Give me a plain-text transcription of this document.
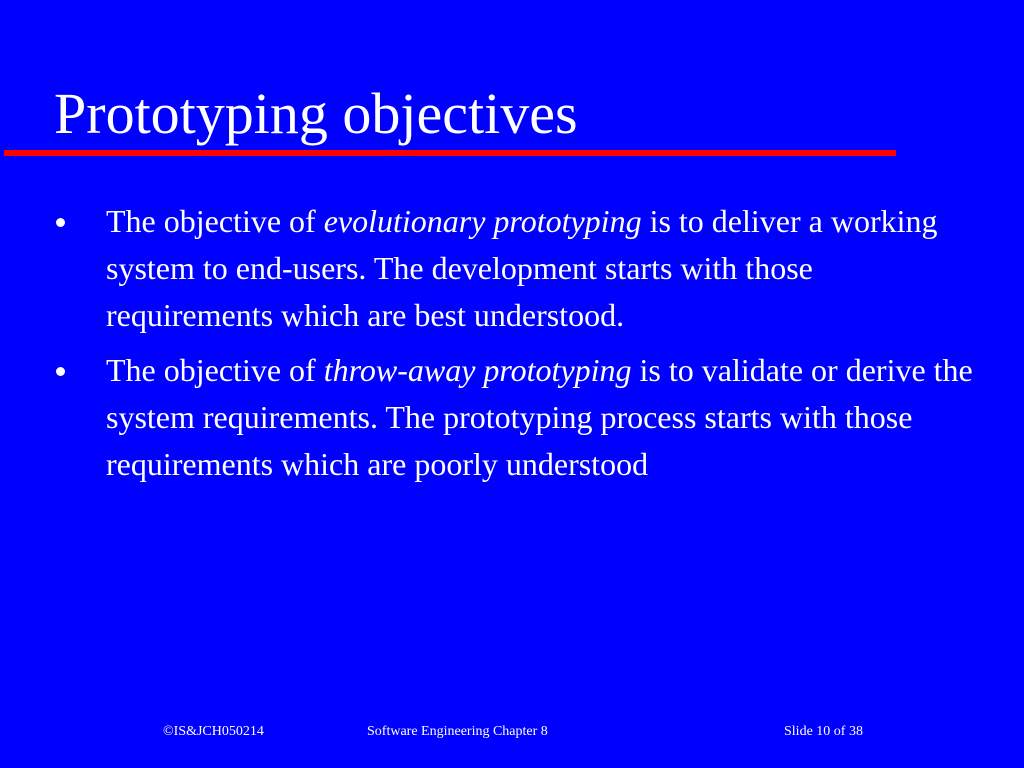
Prototyping objectives
The objective of evolutionary prototyping is to deliver a working system to end-users. The development starts with those requirements which are best understood.
The objective of throw-away prototyping is to validate or derive the system requirements. The prototyping process starts with those requirements which are poorly understood
©IS&JCH050214	Software Engineering Chapter 8	Slide 10 of 38
